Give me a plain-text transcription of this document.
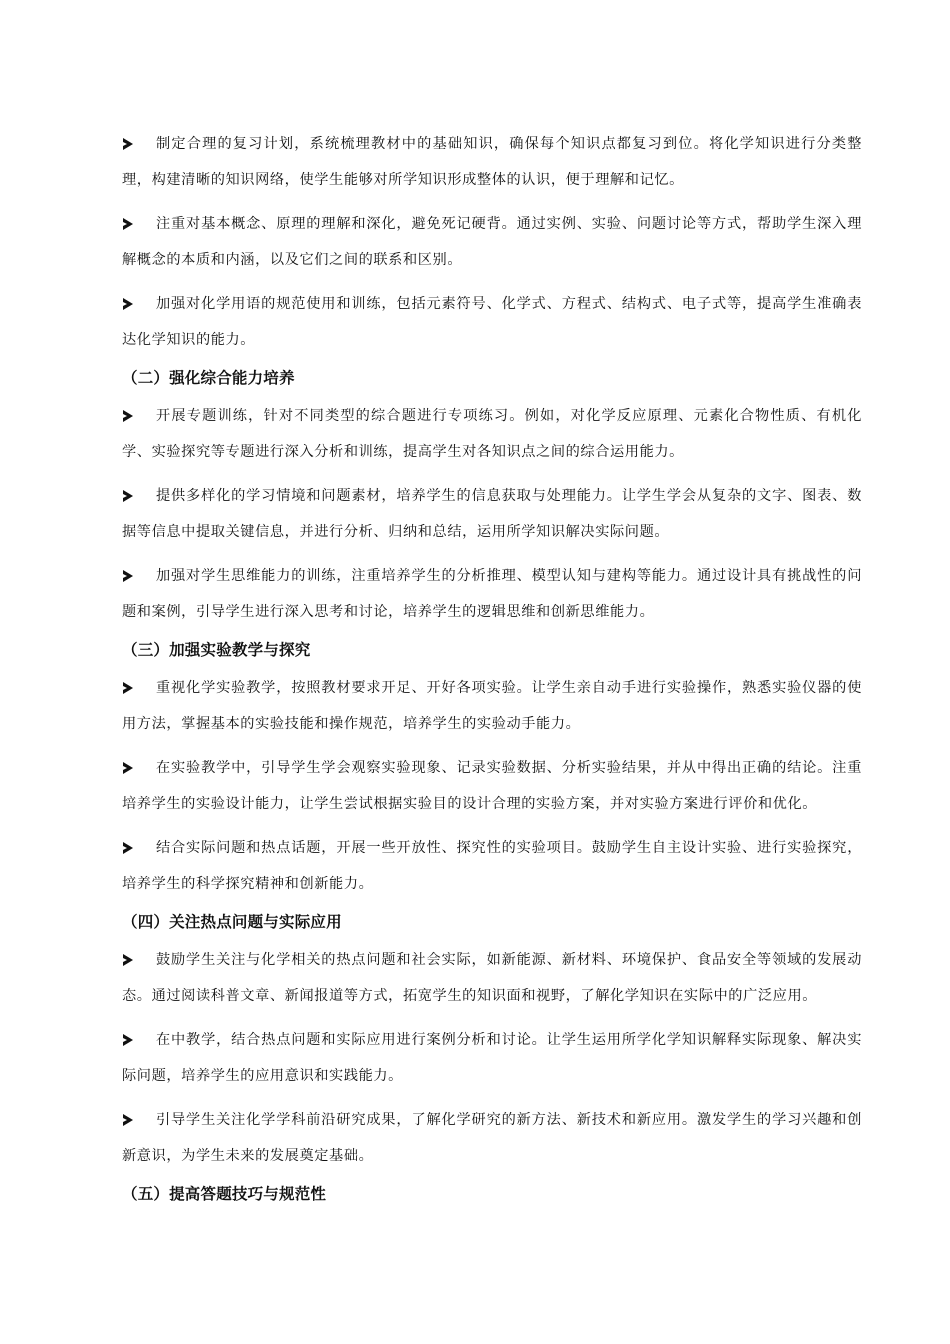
制定合理的复习计划，系统梳理教材中的基础知识，确保每个知识点都复习到位。将化学知识进行分类整理，构建清晰的知识网络，使学生能够对所学知识形成整体的认识，便于理解和记忆。

注重对基本概念、原理的理解和深化，避免死记硬背。通过实例、实验、问题讨论等方式，帮助学生深入理解概念的本质和内涵，以及它们之间的联系和区别。

加强对化学用语的规范使用和训练，包括元素符号、化学式、方程式、结构式、电子式等，提高学生准确表达化学知识的能力。

（二）强化综合能力培养

开展专题训练，针对不同类型的综合题进行专项练习。例如，对化学反应原理、元素化合物性质、有机化学、实验探究等专题进行深入分析和训练，提高学生对各知识点之间的综合运用能力。

提供多样化的学习情境和问题素材，培养学生的信息获取与处理能力。让学生学会从复杂的文字、图表、数据等信息中提取关键信息，并进行分析、归纳和总结，运用所学知识解决实际问题。

加强对学生思维能力的训练，注重培养学生的分析推理、模型认知与建构等能力。通过设计具有挑战性的问题和案例，引导学生进行深入思考和讨论，培养学生的逻辑思维和创新思维能力。

（三）加强实验教学与探究

重视化学实验教学，按照教材要求开足、开好各项实验。让学生亲自动手进行实验操作，熟悉实验仪器的使用方法，掌握基本的实验技能和操作规范，培养学生的实验动手能力。

在实验教学中，引导学生学会观察实验现象、记录实验数据、分析实验结果，并从中得出正确的结论。注重培养学生的实验设计能力，让学生尝试根据实验目的设计合理的实验方案，并对实验方案进行评价和优化。

结合实际问题和热点话题，开展一些开放性、探究性的实验项目。鼓励学生自主设计实验、进行实验探究，培养学生的科学探究精神和创新能力。

（四）关注热点问题与实际应用

鼓励学生关注与化学相关的热点问题和社会实际，如新能源、新材料、环境保护、食品安全等领域的发展动态。通过阅读科普文章、新闻报道等方式，拓宽学生的知识面和视野，了解化学知识在实际中的广泛应用。

在中教学，结合热点问题和实际应用进行案例分析和讨论。让学生运用所学化学知识解释实际现象、解决实际问题，培养学生的应用意识和实践能力。

引导学生关注化学学科前沿研究成果，了解化学研究的新方法、新技术和新应用。激发学生的学习兴趣和创新意识，为学生未来的发展奠定基础。

（五）提高答题技巧与规范性
